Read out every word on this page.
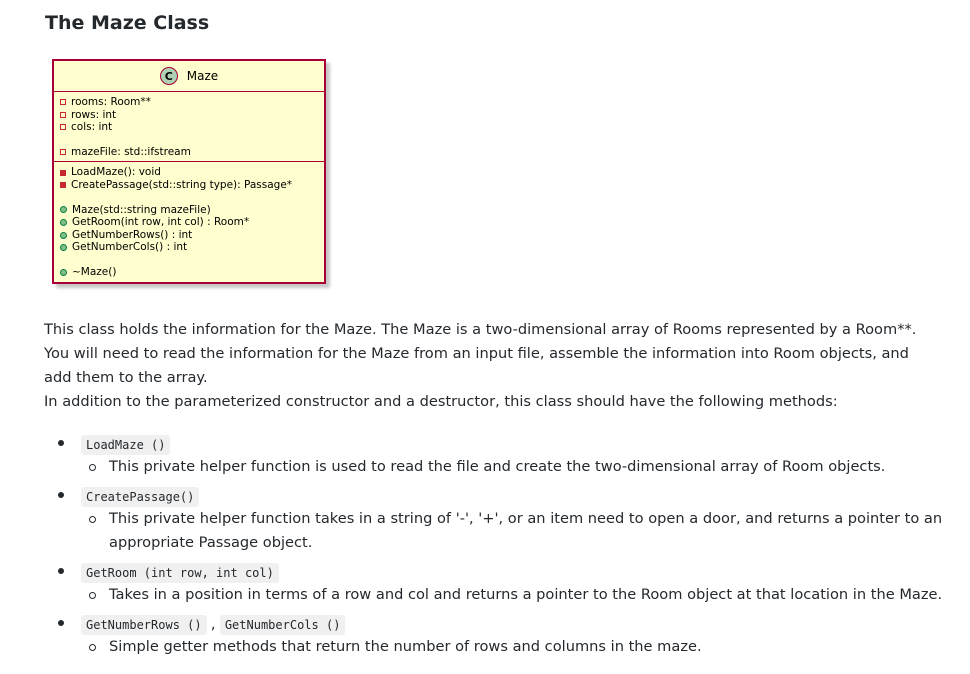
The Maze Class
C	Maze
rooms: Room**
rows: int
cols: int
mazeFile: std::ifstream
LoadMaze(): void
CreatePassage(std::string type): Passage*
Maze(std::string mazeFile)
GetRoom(int row, int col) : Room*
GetNumberRows() : int
GetNumberCols() : int
~Maze()

This class holds the information for the Maze. The Maze is a two-dimensional array of Rooms represented by a Room**. You will need to read the information for the Maze from an input file, assemble the information into Room objects, and add them to the array.

In addition to the parameterized constructor and a destructor, this class should have the following methods:

LoadMaze ()
This private helper function is used to read the file and create the two-dimensional array of Room objects.
CreatePassage()
This private helper function takes in a string of '-', '+', or an item need to open a door, and returns a pointer to an appropriate Passage object.
GetRoom (int row, int col)
Takes in a position in terms of a row and col and returns a pointer to the Room object at that location in the Maze.
GetNumberRows () , GetNumberCols ()
Simple getter methods that return the number of rows and columns in the maze.
